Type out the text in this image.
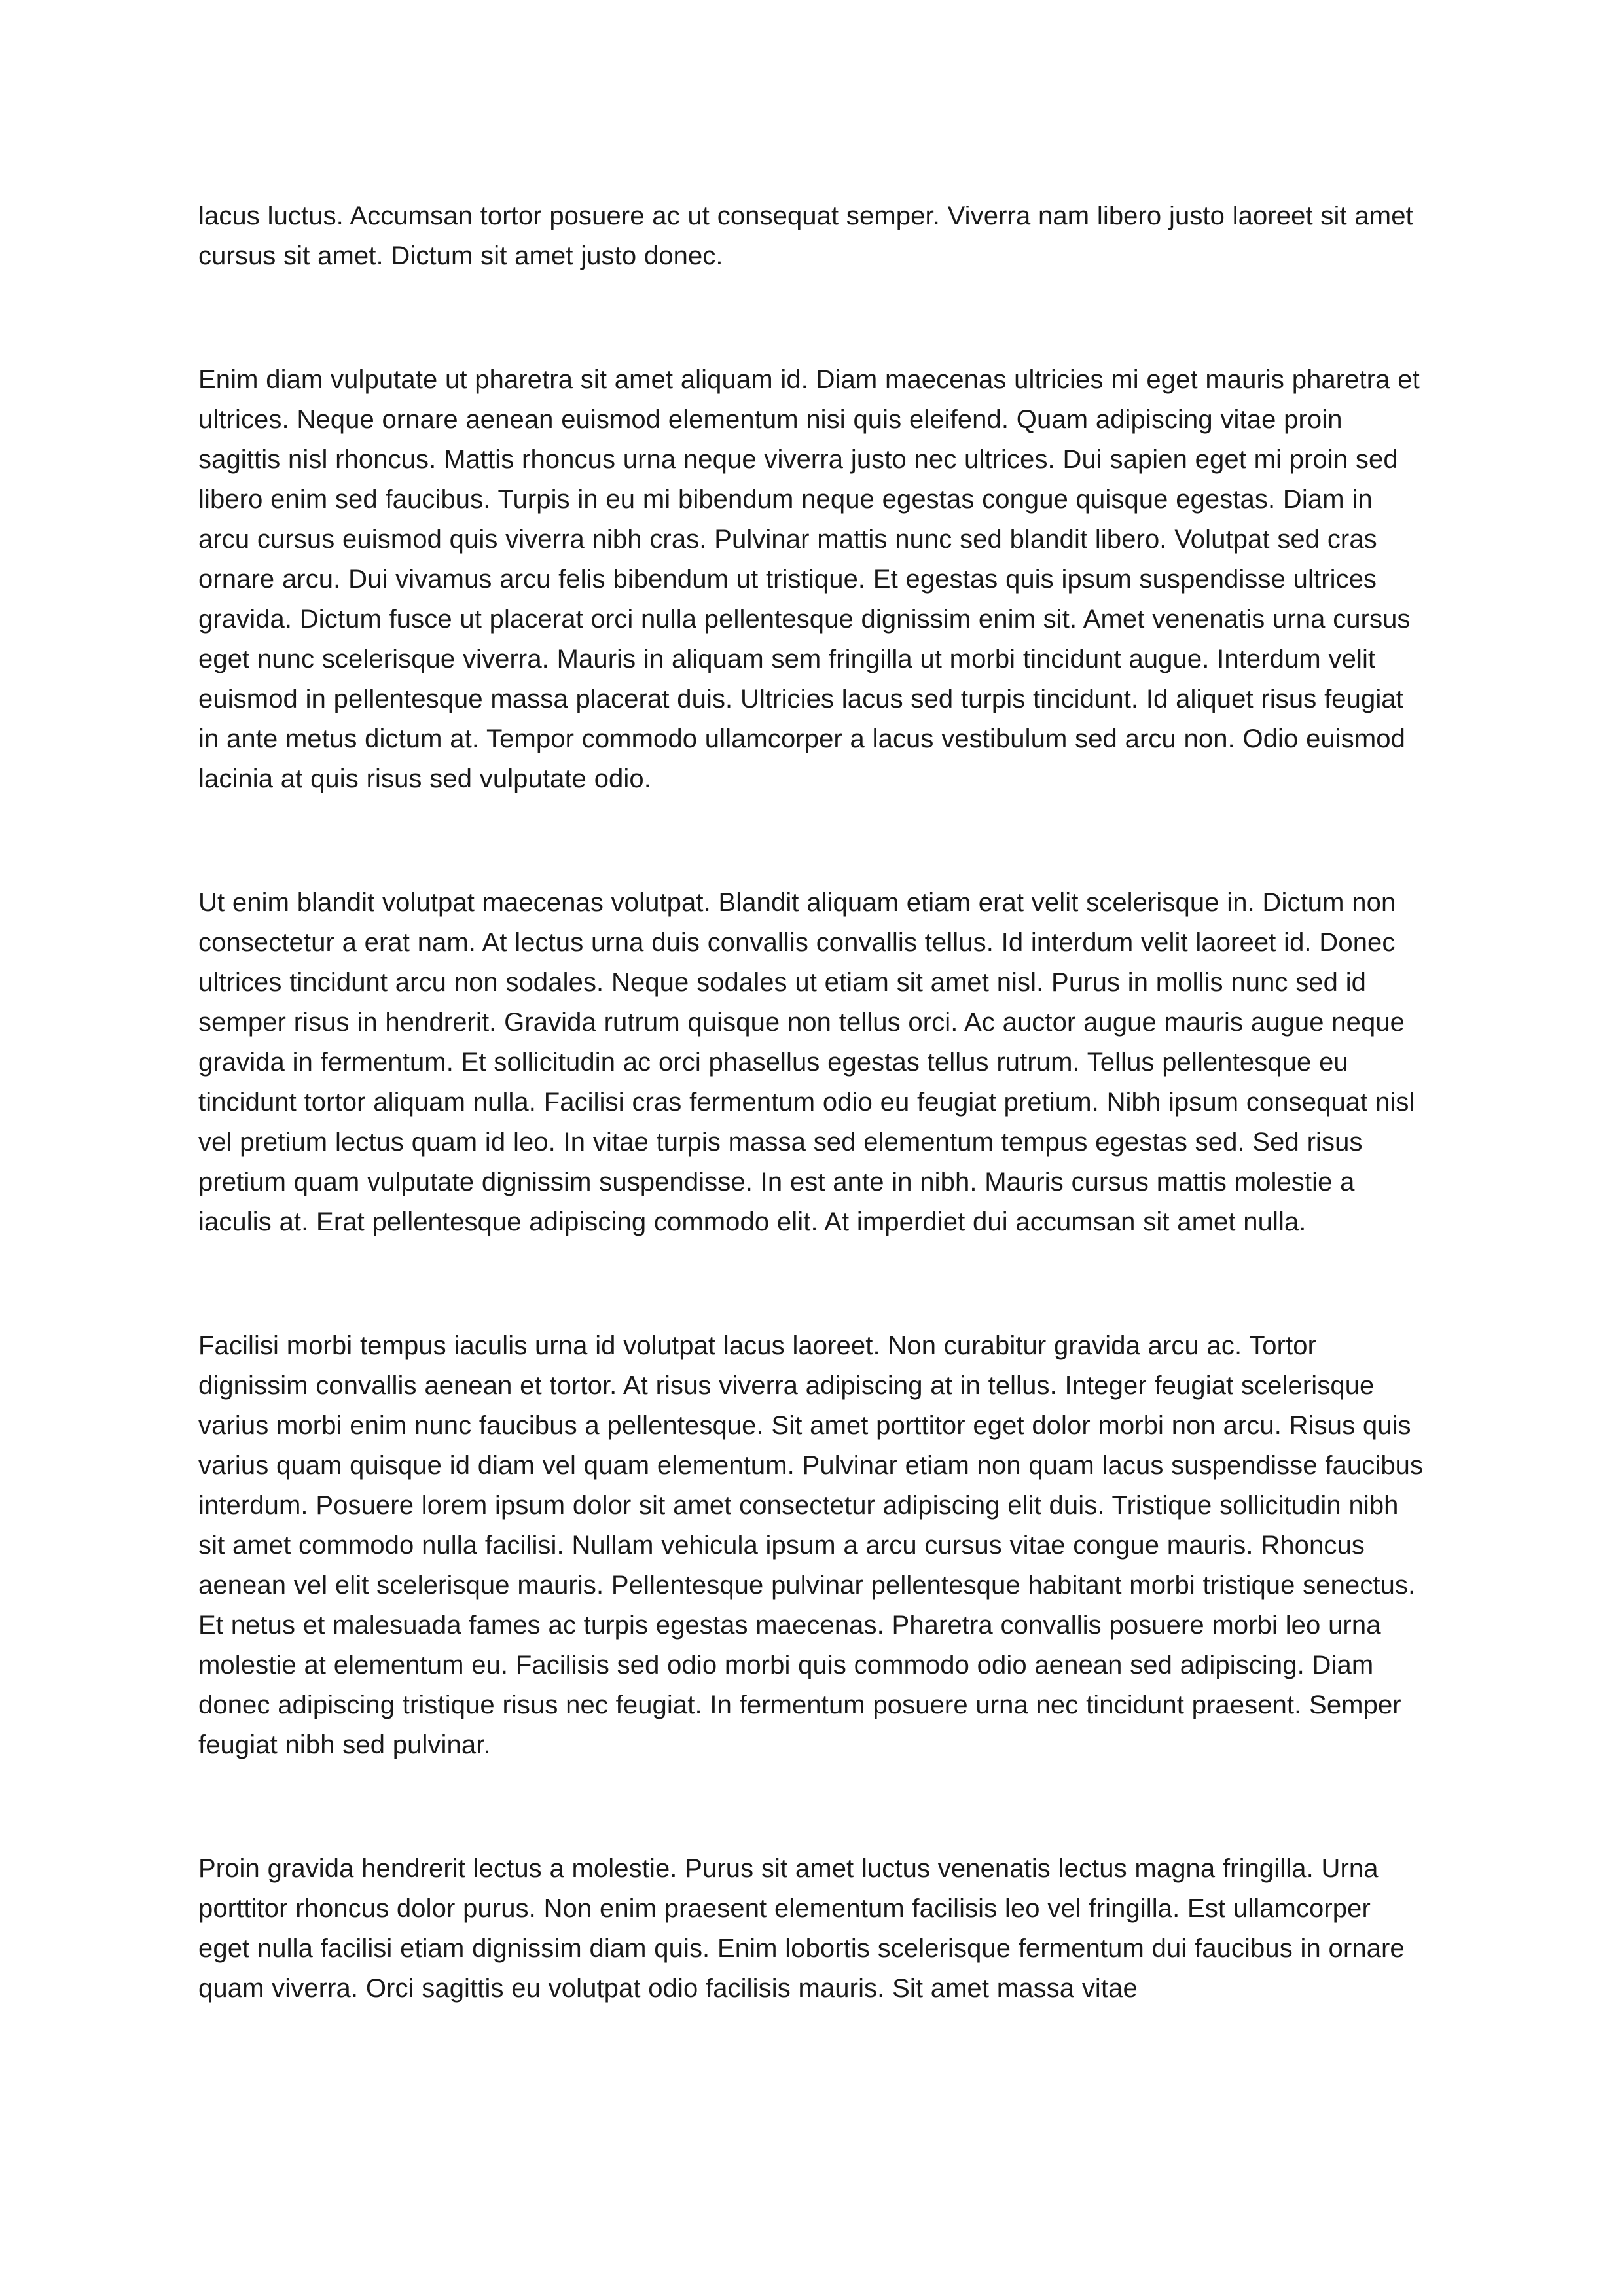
lacus luctus. Accumsan tortor posuere ac ut consequat semper. Viverra nam libero justo laoreet sit amet cursus sit amet. Dictum sit amet justo donec.

Enim diam vulputate ut pharetra sit amet aliquam id. Diam maecenas ultricies mi eget mauris pharetra et ultrices. Neque ornare aenean euismod elementum nisi quis eleifend. Quam adipiscing vitae proin sagittis nisl rhoncus. Mattis rhoncus urna neque viverra justo nec ultrices. Dui sapien eget mi proin sed libero enim sed faucibus. Turpis in eu mi bibendum neque egestas congue quisque egestas. Diam in arcu cursus euismod quis viverra nibh cras. Pulvinar mattis nunc sed blandit libero. Volutpat sed cras ornare arcu. Dui vivamus arcu felis bibendum ut tristique. Et egestas quis ipsum suspendisse ultrices gravida. Dictum fusce ut placerat orci nulla pellentesque dignissim enim sit. Amet venenatis urna cursus eget nunc scelerisque viverra. Mauris in aliquam sem fringilla ut morbi tincidunt augue. Interdum velit euismod in pellentesque massa placerat duis. Ultricies lacus sed turpis tincidunt. Id aliquet risus feugiat in ante metus dictum at. Tempor commodo ullamcorper a lacus vestibulum sed arcu non. Odio euismod lacinia at quis risus sed vulputate odio.

Ut enim blandit volutpat maecenas volutpat. Blandit aliquam etiam erat velit scelerisque in. Dictum non consectetur a erat nam. At lectus urna duis convallis convallis tellus. Id interdum velit laoreet id. Donec ultrices tincidunt arcu non sodales. Neque sodales ut etiam sit amet nisl. Purus in mollis nunc sed id semper risus in hendrerit. Gravida rutrum quisque non tellus orci. Ac auctor augue mauris augue neque gravida in fermentum. Et sollicitudin ac orci phasellus egestas tellus rutrum. Tellus pellentesque eu tincidunt tortor aliquam nulla. Facilisi cras fermentum odio eu feugiat pretium. Nibh ipsum consequat nisl vel pretium lectus quam id leo. In vitae turpis massa sed elementum tempus egestas sed. Sed risus pretium quam vulputate dignissim suspendisse. In est ante in nibh. Mauris cursus mattis molestie a iaculis at. Erat pellentesque adipiscing commodo elit. At imperdiet dui accumsan sit amet nulla.

Facilisi morbi tempus iaculis urna id volutpat lacus laoreet. Non curabitur gravida arcu ac. Tortor dignissim convallis aenean et tortor. At risus viverra adipiscing at in tellus. Integer feugiat scelerisque varius morbi enim nunc faucibus a pellentesque. Sit amet porttitor eget dolor morbi non arcu. Risus quis varius quam quisque id diam vel quam elementum. Pulvinar etiam non quam lacus suspendisse faucibus interdum. Posuere lorem ipsum dolor sit amet consectetur adipiscing elit duis. Tristique sollicitudin nibh sit amet commodo nulla facilisi. Nullam vehicula ipsum a arcu cursus vitae congue mauris. Rhoncus aenean vel elit scelerisque mauris. Pellentesque pulvinar pellentesque habitant morbi tristique senectus. Et netus et malesuada fames ac turpis egestas maecenas. Pharetra convallis posuere morbi leo urna molestie at elementum eu. Facilisis sed odio morbi quis commodo odio aenean sed adipiscing. Diam donec adipiscing tristique risus nec feugiat. In fermentum posuere urna nec tincidunt praesent. Semper feugiat nibh sed pulvinar.

Proin gravida hendrerit lectus a molestie. Purus sit amet luctus venenatis lectus magna fringilla. Urna porttitor rhoncus dolor purus. Non enim praesent elementum facilisis leo vel fringilla. Est ullamcorper eget nulla facilisi etiam dignissim diam quis. Enim lobortis scelerisque fermentum dui faucibus in ornare quam viverra. Orci sagittis eu volutpat odio facilisis mauris. Sit amet massa vitae
